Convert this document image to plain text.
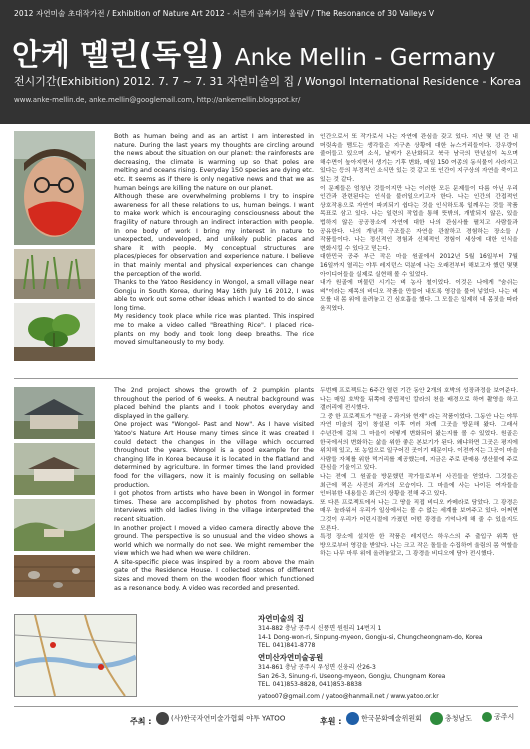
2012 자연미술 초대작가전 / Exhibition of Nature Art 2012 - 서른개 골짜기의 울림Ⅴ / The Resonance of 30 Valleys Ⅴ
안케 멜린(독일) Anke Mellin - Germany
전시기간(Exhibition) 2012. 7. 7 ~ 7. 31 자연미술의 집 / Wongol International Residence - Korea
www.anke-mellin.de, anke.mellin@googlemail.com, http://ankemellin.blogspot.kr/

Both as human being and as an artist I am interested in nature. During the last years my thoughts are circling around the news about the situation on our planet: the rainforests are decreasing, the climate is warming up so that poles are melting and oceans rising. Everyday 150 species are dying etc. etc. It seems as if there is only negative news and that we as human beings are killing the nature on our planet.

Although these are overwhelming problems I try to inspire awareness for all these relations to us, human beings. I want to make work which is encouraging consciousness about the fragility of nature through an indirect interaction with people. In one body of work I bring my interest in nature to unexpected, undeveloped, and unlikely public places and share it with people. My conceptual structures are places/pieces for observation and experience nature. I believe in that mainly mental and physical experiences can change the perception of the world.

Thanks to the Yatoo Residency in Wongol, a small village near Gongju in South Korea, during May 16th July 16 2012, I was able to work out some other ideas which I wanted to do since long time.

My residency took place while rice was planted. This inspired me to make a video called "Breathing Rice". I placed rice-plants on my body and took long deep breaths. The rice moved simultaneously to my body.

인간으로서 또 작가로서 나는 자연에 관심을 갖고 있다. 지난 몇 년 간 내 머릿속을 맴도는 생각들은 지구촌 상황에 대한 뉴스거리들이다. 강우량이 줄어들고 있으며 소식, 날씨가 온난화되고 북극 남극의 만년설이 녹으며 해수면이 높아지면서 생기는 기후 변화, 매일 150 여종의 동식물이 사라지고 있다는 등의 부정적인 소식만 있는 것 같고 또 인간이 지구상의 자연을 죽이고 있는 것 같다.

이 문제들은 엄청난 것들이지만 나는 이러한 모든 문제들이 다름 아닌 우리 인간과 관련된다는 인식을 불러일으키고자 한다. 나는 인간의 간접적인 상호작용으로 자연이 파괴되기 쉽다는 것을 인식하도록 일깨우는 것들 작품 목표로 삼고 있다. 나는 일련의 작업을 통해 뜻밖의, 개발되지 않은, 있을 법하지 않은 공공장소에 자연에 대한 나의 관심사를 펼치고 사람들과 공유한다. 나의 개념적 구조들은 자연을 관찰하고 경험하는 장소들 / 작품들이다. 나는 정신적인 경험과 신체적인 경험이 세상에 대한 인식을 변화시킬 수 있다고 믿는다.

대한민국 공주 부근 작은 마을 원골에서 2012년 5월 16일부터 7월 16일까지 열리는 야투 레지던스 덕분에 나는 오래전부터 해보고자 했던 몇몇 아이디어들을 실제로 실현해 볼 수 있었다.

내가 원골에 머물던 시기는 벼 농사 철이었다. 이것은 나에게 "숨쉬는 벼"이라는 제목의 비디오 작품을 만들어 내도록 영감을 불어 넣었다. 나는 벼 모를 내 몸 위에 올려놓고 긴 심호흡을 했다. 그 모들은 일제히 내 몸짓을 따라 움직였다.

The 2nd project shows the growth of 2 pumpkin plants throughout the period of 6 weeks. A neutral background was placed behind the plants and I took photos everyday and displayed in the gallery.

One project was "Wongol- Past and Now". As I have visited Yatoo's Nature Art House many times since it was created I could detect the changes in the village which occurred throughout the years. Wongol is a good example for the changing life in Korea because it is located in the flatland and determined by agriculture. In former times the land provided food for the villagers, now it is mainly focusing on sellable production.

I got photos from artists who have been in Wongol in former times. These are accomplished by photos from nowadays. Interviews with old ladies living in the village interpreted the recent situation.

In another project I moved a video camera directly above the ground. The perspective is so unusual and the video shows a world which we normally do not see. We might remember the view which we had when we were children.

A site-specific piece was inspired by a room above the main gate of the Residence House. I collected stones of different sizes and moved them on the wooden floor which functioned as a resonance body. A video was recorded and presented.

두번째 프로젝트는 6주간 열린 기간 동안 2개의 호박의 성장과정을 보여준다. 나는 매일 호박들 뒤쪽에 중립적인 칼라의 천을 배경으로 하여 촬영을 하고 갤러리에 전시했다.

그 중 한 프로젝트가 "원골 – 과거와 현재" 라는 작품이었다. 그동안 나는 야투 자연 미술의 집이 창설된 이후 여러 차례 그곳을 방문해 왔다. 그래서 수년간에 걸쳐 그 마을이 어떻게 변화되어 왔는지를 볼 수 있었다. 원골은 한국에서의 변화하는 삶을 위한 좋은 본보기가 된다. 왜냐하면 그곳은 평지에 위치해 있고, 또 농업으로 일구어진 곳이기 때문이다. 이전까지는 그곳이 마을 사람들 자체를 위한 먹거리를 제공했는데, 지금은 주로 판매용 생산물에 주로 관심을 기울이고 있다.

나는 전에 그 원골을 방문했던 작가들로부터 사진들을 얻었다. 그것들은 최근에 찍은 사진의 과거의 모습이다. 그 마을에 사는 나이든 여자들을 인터뷰한 내용들은 최근의 상황을 전해 주고 있다.

또 다른 프로젝트에서 나는 그 땅을 직접 비디오 카메라로 담았다. 그 광경은 매우 놀라워서 우리가 일상에서는 볼 수 없는 세계를 보여주고 있다. 어쩌면 그것이 우리가 어린시절에 가졌던 어떤 광경을 기억나게 해 줄 수 있을지도 모른다.

특정 장소에 설치한 한 작품은 레지던스 하우스의 주 출입구 위쪽 한 방으로부터 영감을 받았다. 나는 크고 작은 돌들을 수집하여 울림의 몸 역할을 하는 나무 마루 위에 올려놓았고, 그 광경을 비디오에 담아 전시했다.

자연미술의 집
314-882 충남 공주시 신풍면 원원리 14번지 1
14-1 Dong-won-ri, Sinpung-myeon, Gongju-si, Chungcheongnam-do, Korea
TEL. 041)841-8778
연미산자연미술공원
314-861 충남 공주시 우성면 신웅리 산26-3
San 26-3, Sinung-ri, Useong-myeon, Gongju, Chungnam Korea
TEL. 041)853-8828, 041)853-8838
yatoo07@gmail.com / yatoo@hanmail.net / www.yatoo.or.kr
주최 :	(사)한국자연미술가협회 야투 YATOO	후원 :	한국문화예술위원회	충청남도	공주시
